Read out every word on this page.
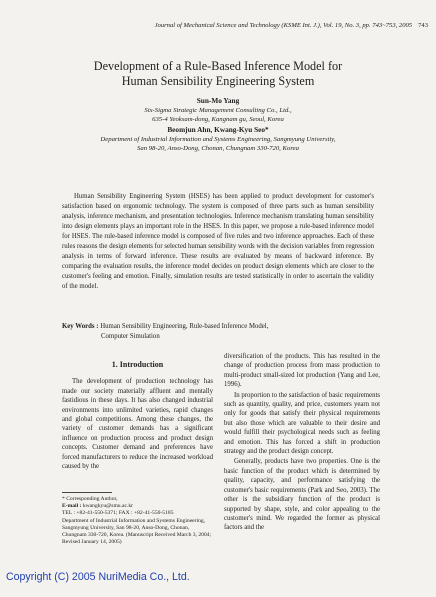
Journal of Mechanical Science and Technology (KSME Int. J.), Vol. 19, No. 3, pp. 743~753, 2005 743
Development of a Rule-Based Inference Model for
Human Sensibility Engineering System
Sun-Mo Yang
Six-Sigma Strategic Management Consulting Co., Ltd.,
635-4 Yeoksam-dong, Kangnam gu, Seoul, Korea
Beomjun Ahn, Kwang-Kyu Seo*
Department of Industrial Information and Systems Engineering, Sangmyung University,
San 98-20, Anso-Dong, Chonan, Chungnam 330-720, Korea

Human Sensibility Engineering System (HSES) has been applied to product development for customer's satisfaction based on ergonomic technology. The system is composed of three parts such as human sensibility analysis, inference mechanism, and presentation technologies. Inference mechanism translating human sensibility into design elements plays an important role in the HSES. In this paper, we propose a rule-based inference model for HSES. The rule-based inference model is composed of five rules and two inference approaches. Each of these rules reasons the design elements for selected human sensibility words with the decision variables from regression analysis in terms of forward inference. These results are evaluated by means of backward inference. By comparing the evaluation results, the inference model decides on product design elements which are closer to the customer's feeling and emotion. Finally, simulation results are tested statistically in order to ascertain the validity of the model.

Key Words : Human Sensibility Engineering, Rule-based Inference Model,
Computer Simulation
1. Introduction

The development of production technology has made our society materially affluent and mentally fastidious in these days. It has also changed industrial environments into unlimited varieties, rapid changes and global competitions. Among these changes, the variety of customer demands has a significant influence on production process and product design concepts. Customer demand and preferences have forced manufacturers to reduce the increased workload caused by the

diversification of the products. This has resulted in the change of production process from mass production to multi-product small-sized lot production (Yang and Lee, 1996).

In proportion to the satisfaction of basic requirements such as quantity, quality, and price, customers yearn not only for goods that satisfy their physical requirements but also those which are valuable to their desire and would fulfill their psychological needs such as feeling and emotion. This has forced a shift in production strategy and the product design concept.

Generally, products have two properties. One is the basic function of the product which is determined by quality, capacity, and performance satisfying the customer's basic requirements (Park and Seo, 2003). The other is the subsidiary function of the product is supported by shape, style, and color appealing to the customer's mind. We regarded the former as physical factors and the

* Corresponding Author,
E-mail : kwangkyu@smu.ac.kr
TEL : +82-41-550-5371; FAX : +82-41-550-5185
Department of Industrial Information and Systems Engineering, Sangmyung University, San 98-20, Anso-Dong, Chonan, Chungnam 330-720, Korea. (Manuscript Received March 3, 2004; Revised January 14, 2005)
Copyright (C) 2005 NuriMedia Co., Ltd.
